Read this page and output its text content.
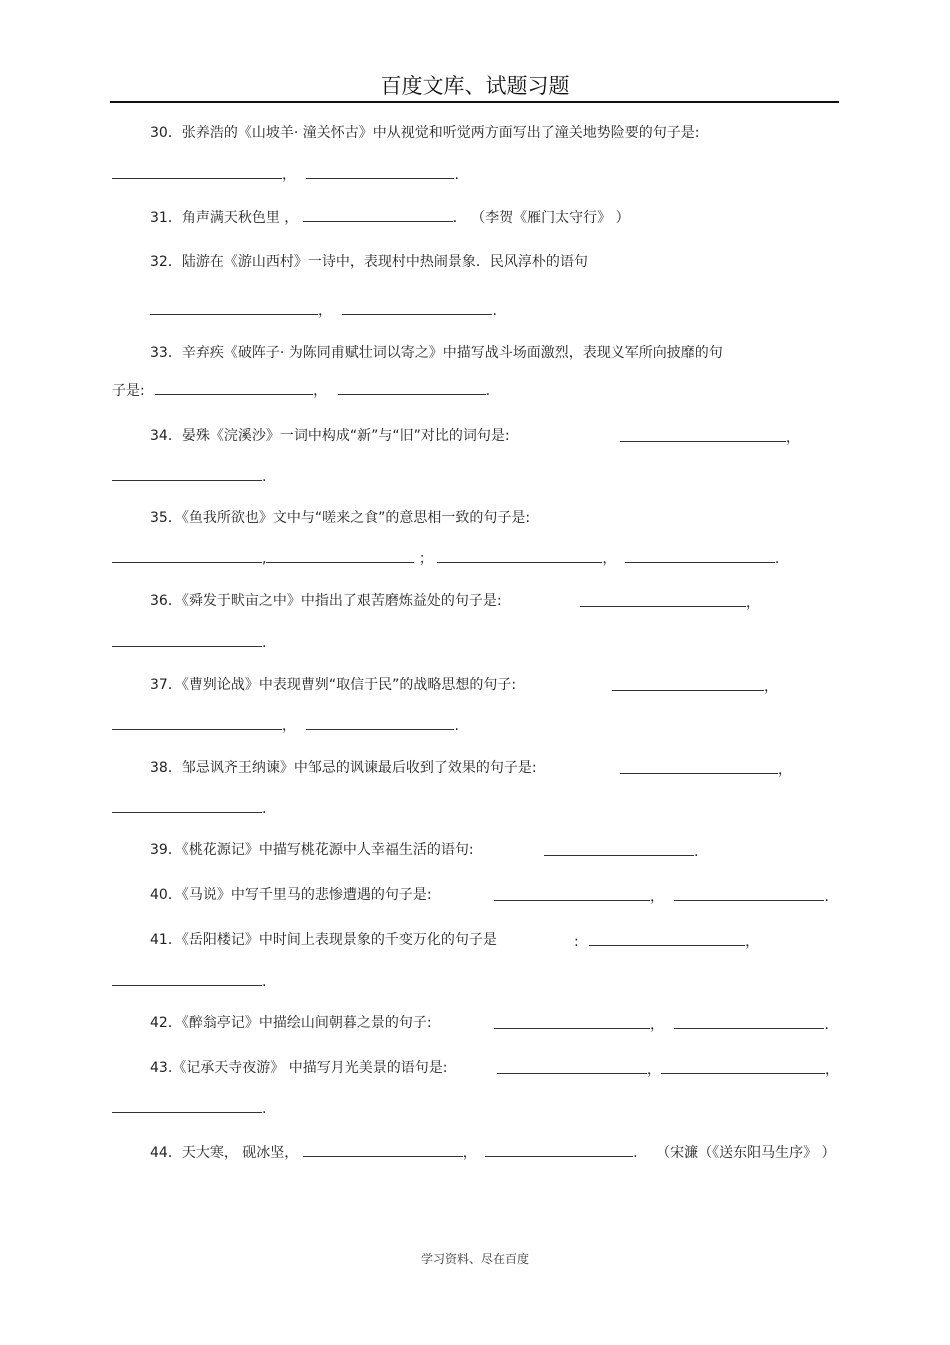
百度文库、试题习题
30．张养浩的《山坡羊· 潼关怀古》中从视觉和听觉两方面写出了潼关地势险要的句子是:
，	.
31．角声满天秋色里 ，	． （李贺《雁门太守行》 ）
32．陆游在《游山西村》一诗中，表现村中热闹景象．民风淳朴的语句
，	.
33．辛弃疾《破阵子· 为陈同甫赋壮词以寄之》中描写战斗场面激烈，表现义军所向披靡的句
子是:	，	.
34．晏殊《浣溪沙》一词中构成“新”与“旧”对比的词句是:	，
.
35．《鱼我所欲也》文中与“嗟来之食”的意思相一致的句子是:
,	；	，	.
36．《舜发于畎亩之中》中指出了艰苦磨炼益处的句子是:	，
.
37．《曹刿论战》中表现曹刿“取信于民”的战略思想的句子:	，
，	.
38．邹忌讽齐王纳谏》中邹忌的讽谏最后收到了效果的句子是:	，
.
39．《桃花源记》中描写桃花源中人幸福生活的语句:	.
40．《马说》中写千里马的悲惨遭遇的句子是:	，	.
41．《岳阳楼记》中时间上表现景象的千变万化的句子是	:	，
.
42．《醉翁亭记》中描绘山间朝暮之景的句子:	，	.
43.《记承天寺夜游》 中描写月光美景的语句是:	，	，
.
44．天大寒， 砚冰坚，	，	. （宋濂（《送东阳马生序》 ）
学习资料、尽在百度
